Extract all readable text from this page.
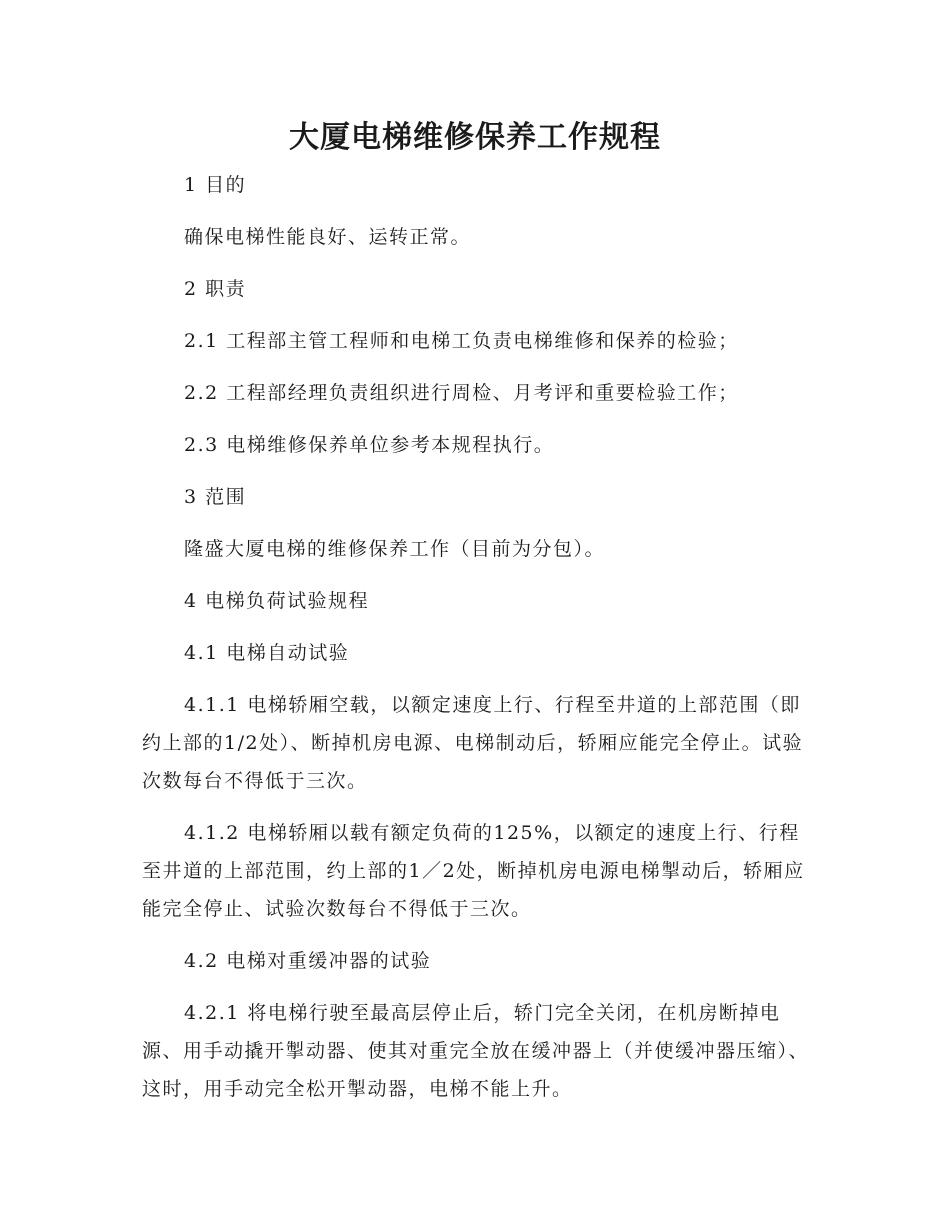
大厦电梯维修保养工作规程

1 目的

确保电梯性能良好、运转正常。

2 职责

2.1 工程部主管工程师和电梯工负责电梯维修和保养的检验；

2.2 工程部经理负责组织进行周检、月考评和重要检验工作；

2.3 电梯维修保养单位参考本规程执行。

3 范围

隆盛大厦电梯的维修保养工作（目前为分包）。

4 电梯负荷试验规程

4.1 电梯自动试验

4.1.1 电梯轿厢空载，以额定速度上行、行程至井道的上部范围（即约上部的1/2处）、断掉机房电源、电梯制动后，轿厢应能完全停止。试验次数每台不得低于三次。

4.1.2 电梯轿厢以载有额定负荷的125%，以额定的速度上行、行程至井道的上部范围，约上部的1／2处，断掉机房电源电梯掣动后，轿厢应能完全停止、试验次数每台不得低于三次。

4.2 电梯对重缓冲器的试验

4.2.1 将电梯行驶至最高层停止后，轿门完全关闭，在机房断掉电源、用手动撬开掣动器、使其对重完全放在缓冲器上（并使缓冲器压缩）、这时，用手动完全松开掣动器，电梯不能上升。
